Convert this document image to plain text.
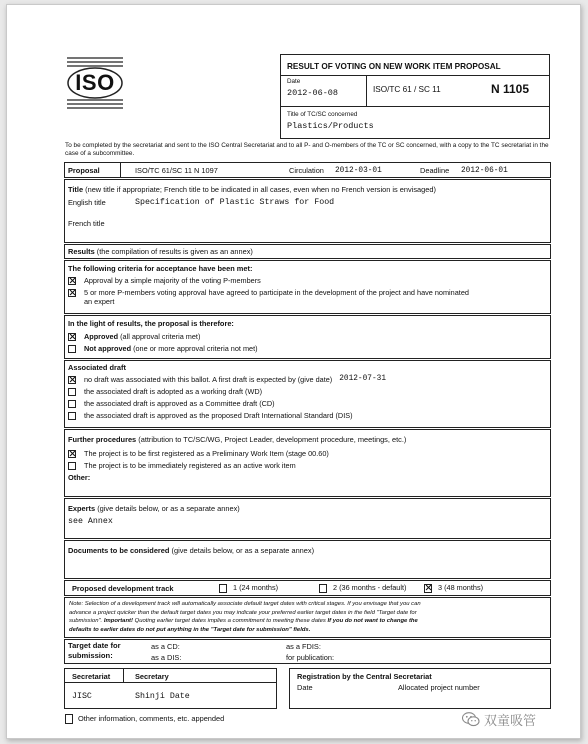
ISO
RESULT OF VOTING ON NEW WORK ITEM PROPOSAL
Date
2012-06-08	ISO/TC 61 / SC 11	N 1105
Title of TC/SC concerned
Plastics/Products
To be completed by the secretariat and sent to the ISO Central Secretariat and to all P- and O-members of the TC or SC concerned, with a copy to the TC secretariat in the case of a subcommittee.
Proposal	ISO/TC 61/SC 11 N 1097	Circulation 2012-03-01	Deadline 2012-06-01
Title (new title if appropriate; French title to be indicated in all cases, even when no French version is envisaged)
English title	Specification of Plastic Straws for Food
French title
Results (the compilation of results is given as an annex)
The following criteria for acceptance have been met:
Approval by a simple majority of the voting P-members
5 or more P-members voting approval have agreed to participate in the development of the project and have nominated
an expert
In the light of results, the proposal is therefore:
Approved (all approval criteria met)
Not approved (one or more approval criteria not met)
Associated draft
no draft was associated with this ballot. A first draft is expected by (give date) 2012-07-31
the associated draft is adopted as a working draft (WD)
the associated draft is approved as a Committee draft (CD)
the associated draft is approved as the proposed Draft International Standard (DIS)
Further procedures (attribution to TC/SC/WG, Project Leader, development procedure, meetings, etc.)
The project is to be first registered as a Preliminary Work Item (stage 00.60)
The project is to be immediately registered as an active work item
Other:
Experts (give details below, or as a separate annex)
see Annex
Documents to be considered (give details below, or as a separate annex)
Proposed development track	1 (24 months)	2 (36 months - default)	3 (48 months)
Note: Selection of a development track will automatically associate default target dates with critical stages. If you envisage that you can
advance a project quicker than the default target dates you may indicate your preferred earlier target dates in the field "Target date for
submission". Important! Quoting earlier target dates implies a commitment to meeting these dates If you do not want to change the
defaults to earlier dates do not put anything in the "Target date for submission" fields.
Target date for
submission:
as a CD:
as a DIS:
as a FDIS:
for publication:
Secretariat	Secretary
JISC	Shinji Date
Registration by the Central Secretariat
Date	Allocated project number
Other information, comments, etc. appended	双童吸管
